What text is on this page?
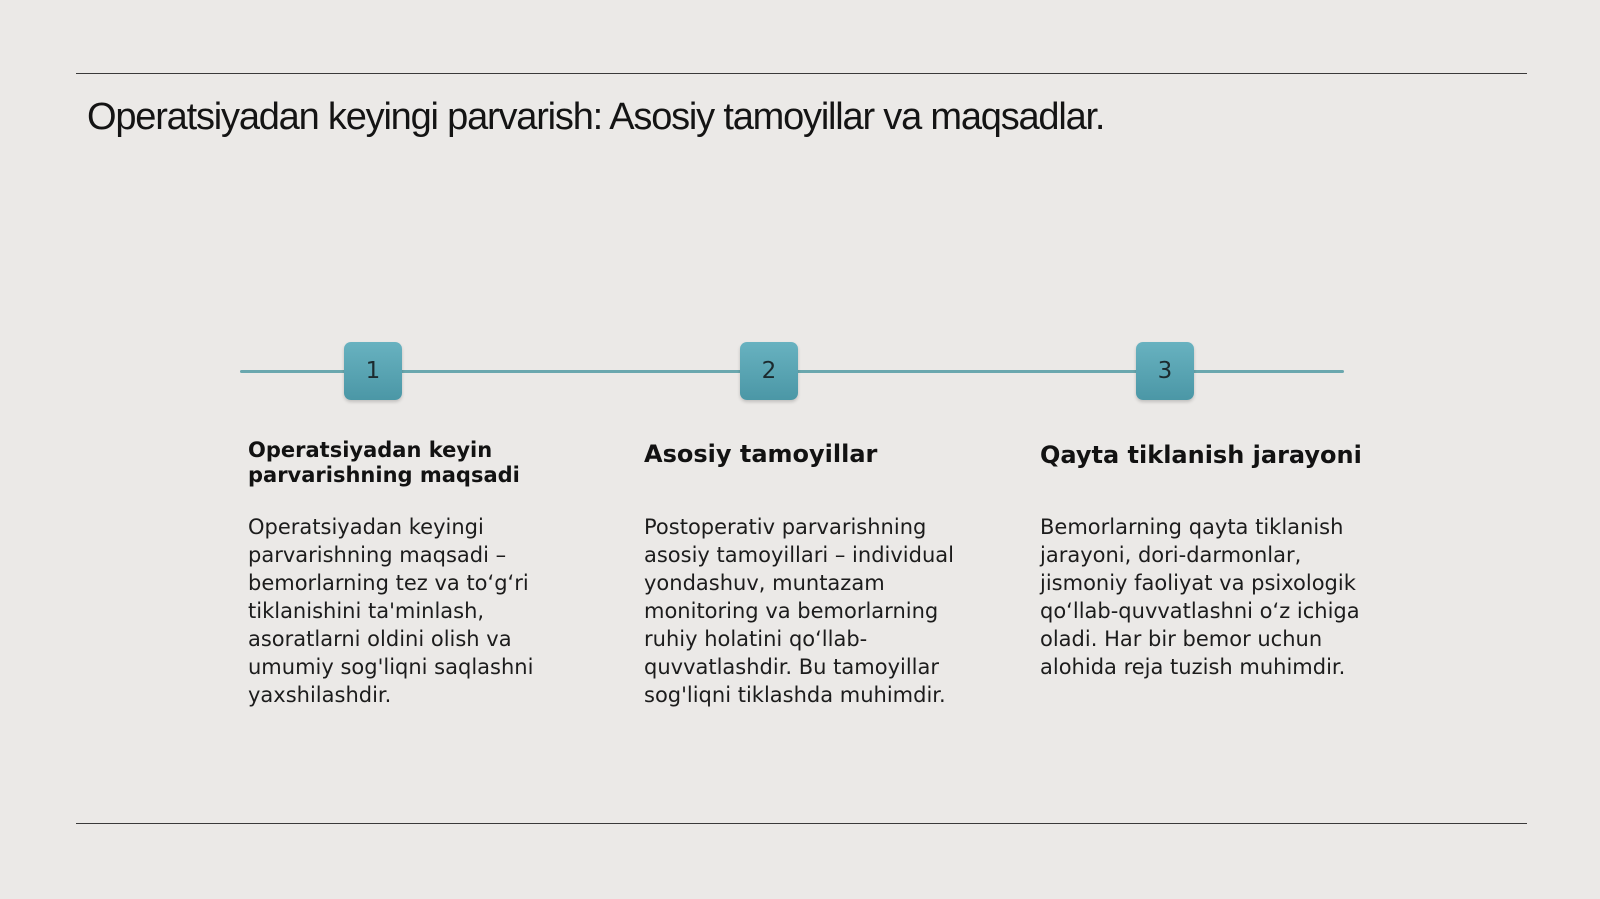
Operatsiyadan keyingi parvarish: Asosiy tamoyillar va maqsadlar.
1	2	3
Operatsiyadan keyin parvarishning maqsadi

Operatsiyadan keyingi parvarishning maqsadi – bemorlarning tez va to‘g‘ri tiklanishini ta'minlash, asoratlarni oldini olish va umumiy sog'liqni saqlashni yaxshilashdir.

Asosiy tamoyillar

Postoperativ parvarishning asosiy tamoyillari – individual yondashuv, muntazam monitoring va bemorlarning ruhiy holatini qo‘llab-quvvatlashdir. Bu tamoyillar sog'liqni tiklashda muhimdir.

Qayta tiklanish jarayoni

Bemorlarning qayta tiklanish jarayoni, dori-darmonlar, jismoniy faoliyat va psixologik qo‘llab-quvvatlashni o‘z ichiga oladi. Har bir bemor uchun alohida reja tuzish muhimdir.
